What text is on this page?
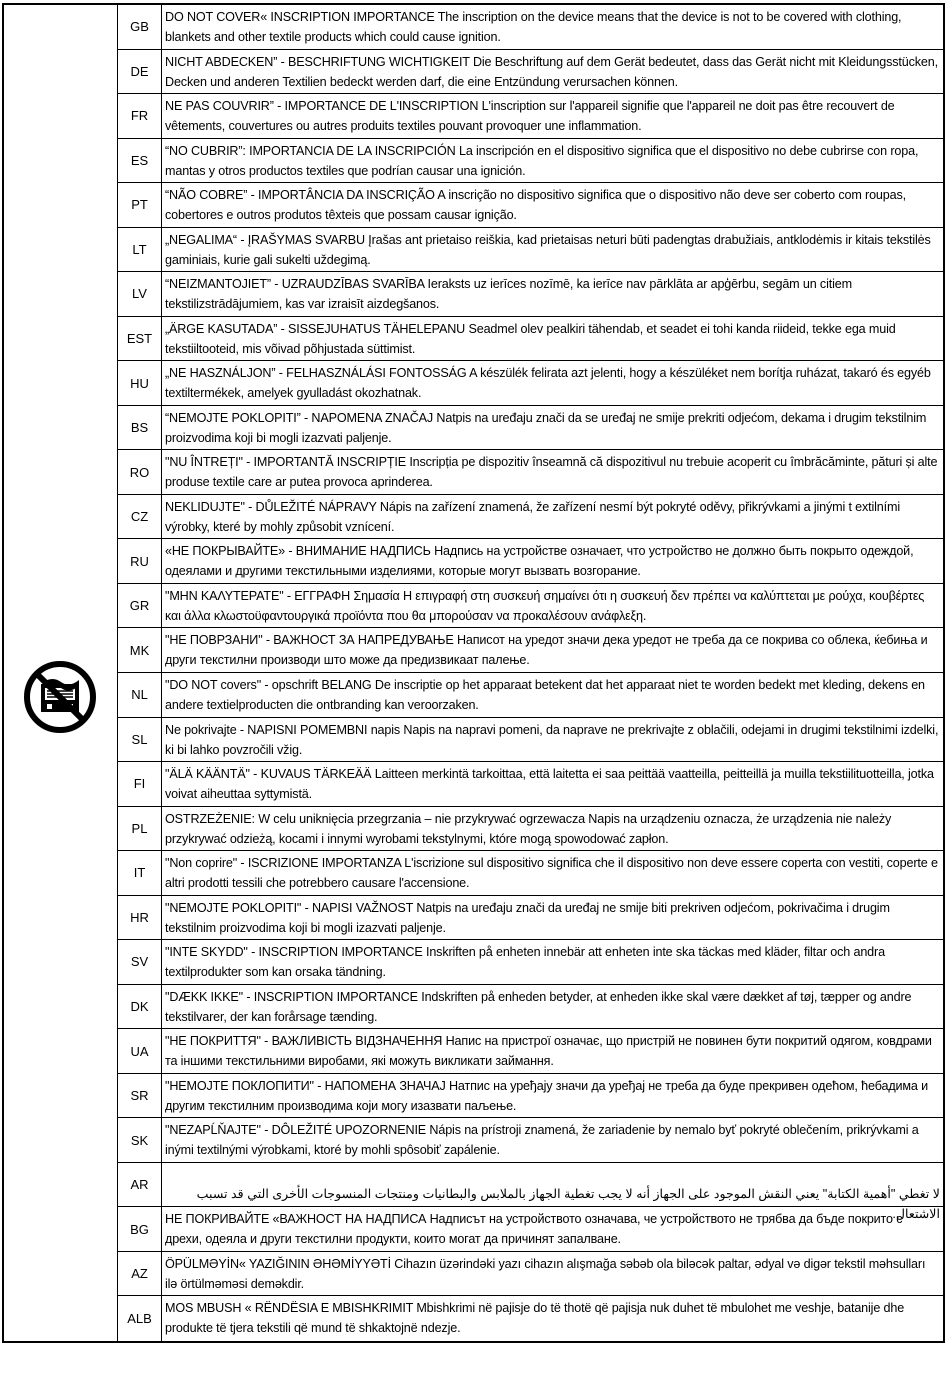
GB
DO NOT COVER« INSCRIPTION IMPORTANCE The inscription on the device means that the device is not to be covered with clothing, blankets and other textile products which could cause ignition.
DE
NICHT ABDECKEN” - BESCHRIFTUNG WICHTIGKEIT Die Beschriftung auf dem Gerät bedeutet, dass das Gerät nicht mit Kleidungsstücken, Decken und anderen Textilien bedeckt werden darf, die eine Entzündung verursachen können.
FR
NE PAS COUVRIR” - IMPORTANCE DE L'INSCRIPTION L'inscription sur l'appareil signifie que l'appareil ne doit pas être recouvert de vêtements, couvertures ou autres produits textiles pouvant provoquer une inflammation.
ES
“NO CUBRIR”: IMPORTANCIA DE LA INSCRIPCIÓN La inscripción en el dispositivo significa que el dispositivo no debe cubrirse con ropa, mantas y otros productos textiles que podrían causar una ignición.
PT
“NÃO COBRE” - IMPORTÂNCIA DA INSCRIÇÃO A inscrição no dispositivo significa que o dispositivo não deve ser coberto com roupas, cobertores e outros produtos têxteis que possam causar ignição.
LT
„NEGALIMA“ - ĮRAŠYMAS SVARBU Įrašas ant prietaiso reiškia, kad prietaisas neturi būti padengtas drabužiais, antklodėmis ir kitais tekstilės gaminiais, kurie gali sukelti uždegimą.
LV
“NEIZMANTOJIET” - UZRAUDZĪBAS SVARĪBA Ieraksts uz ierīces nozīmē, ka ierīce nav pārklāta ar apģērbu, segām un citiem tekstilizstrādājumiem, kas var izraisīt aizdegšanos.
EST
„ÄRGE KASUTADA” - SISSEJUHATUS TÄHELEPANU Seadmel olev pealkiri tähendab, et seadet ei tohi kanda riideid, tekke ega muid tekstiiltooteid, mis võivad põhjustada süttimist.
HU
„NE HASZNÁLJON” - FELHASZNÁLÁSI FONTOSSÁG A készülék felirata azt jelenti, hogy a készüléket nem borítja ruházat, takaró és egyéb textiltermékek, amelyek gyulladást okozhatnak.
BS
“NEMOJTE POKLOPITI” - NAPOMENA ZNAČAJ Natpis na uređaju znači da se uređaj ne smije prekriti odjećom, dekama i drugim tekstilnim proizvodima koji bi mogli izazvati paljenje.
RO
"NU ÎNTREȚI" - IMPORTANTĂ INSCRIPȚIE Inscripția pe dispozitiv înseamnă că dispozitivul nu trebuie acoperit cu îmbrăcăminte, pături și alte produse textile care ar putea provoca aprinderea.
CZ
NEKLIDUJTE" - DŮLEŽITÉ NÁPRAVY Nápis na zařízení znamená, že zařízení nesmí být pokryté oděvy, přikrývkami a jinými t extilními výrobky, které by mohly způsobit vznícení.
RU
«НЕ ПОКРЫВАЙТЕ» - ВНИМАНИЕ НАДПИСЬ Надпись на устройстве означает, что устройство не должно быть покрыто одеждой, одеялами и другими текстильными изделиями, которые могут вызвать возгорание.
GR
"ΜΗΝ ΚΑΛΥΤΕΡΑΤΕ" - ΕΓΓΡΑΦΗ Σημασία Η επιγραφή στη συσκευή σημαίνει ότι η συσκευή δεν πρέπει να καλύπτεται με ρούχα, κουβέρτες και άλλα κλωστοϋφαντουργικά προϊόντα που θα μπορούσαν να προκαλέσουν ανάφλεξη.
MK
"НЕ ПОВРЗАНИ" - ВАЖНОСТ ЗА НАПРЕДУВАЊЕ Написот на уредот значи дека уредот не треба да се покрива со облека, ќебиња и други текстилни производи што може да предизвикаат палење.
NL
"DO NOT covers" - opschrift BELANG De inscriptie op het apparaat betekent dat het apparaat niet te worden bedekt met kleding, dekens en andere textielproducten die ontbranding kan veroorzaken.
SL
Ne pokrivajte - NAPISNI POMEMBNI napis Napis na napravi pomeni, da naprave ne prekrivajte z oblačili, odejami in drugimi tekstilnimi izdelki, ki bi lahko povzročili vžig.
FI
"ÄLÄ KÄÄNTÄ" - KUVAUS TÄRKEÄÄ Laitteen merkintä tarkoittaa, että laitetta ei saa peittää vaatteilla, peitteillä ja muilla tekstiilituotteilla, jotka voivat aiheuttaa syttymistä.
PL
OSTRZEŻENIE: W celu uniknięcia przegrzania – nie przykrywać ogrzewacza Napis na urządzeniu oznacza, że urządzenia nie należy przykrywać odzieżą, kocami i innymi wyrobami tekstylnymi, które mogą spowodować zapłon.
IT
"Non coprire" - ISCRIZIONE IMPORTANZA L'iscrizione sul dispositivo significa che il dispositivo non deve essere coperta con vestiti, coperte e altri prodotti tessili che potrebbero causare l'accensione.
HR
"NEMOJTE POKLOPITI" - NAPISI VAŽNOST Natpis na uređaju znači da uređaj ne smije biti prekriven odjećom, pokrivačima i drugim tekstilnim proizvodima koji bi mogli izazvati paljenje.
SV
"INTE SKYDD" - INSCRIPTION IMPORTANCE Inskriften på enheten innebär att enheten inte ska täckas med kläder, filtar och andra textilprodukter som kan orsaka tändning.
DK
"DÆKK IKKE" - INSCRIPTION IMPORTANCE Indskriften på enheden betyder, at enheden ikke skal være dækket af tøj, tæpper og andre tekstilvarer, der kan forårsage tænding.
UA
"НЕ ПОКРИТТЯ" - ВАЖЛИВІСТЬ ВІДЗНАЧЕННЯ Напис на пристрої означає, що пристрій не повинен бути покритий одягом, ковдрами та іншими текстильними виробами, які можуть викликати займання.
SR
"НЕМОЈТЕ ПОКЛОПИТИ" - НАПОМЕНА ЗНАЧАЈ Натпис на уређају значи да уређај не треба да буде прекривен одећом, ћебадима и другим текстилним производима који могу изазвати паљење.
SK
"NEZAPĹŇAJTE" - DÔLEŽITÉ UPOZORNENIE Nápis na prístroji znamená, že zariadenie by nemalo byť pokryté oblečením, prikrývkami a inými textilnými výrobkami, ktoré by mohli spôsobiť zapálenie.
AR
لا تغطي "أهمية الكتابة" يعني النقش الموجود على الجهاز أنه لا يجب تغطية الجهاز بالملابس والبطانيات ومنتجات المنسوجات الأخرى التي قد تسبب الاشتعال.
BG
НЕ ПОКРИВАЙТЕ «ВАЖНОСТ НА НАДПИСА Надписът на устройството означава, че устройството не трябва да бъде покрито с дрехи, одеяла и други текстилни продукти, които могат да причинят запалване.
AZ
ÖPÜLMƏYİN« YAZIĞININ ƏHƏMİYYƏTİ Cihazın üzərindəki yazı cihazın alışmağa səbəb ola biləcək paltar, ədyal və digər tekstil məhsulları ilə örtülməməsi deməkdir.
ALB
MOS MBUSH « RËNDËSIA E MBISHKRIMIT Mbishkrimi në pajisje do të thotë që pajisja nuk duhet të mbulohet me veshje, batanije dhe produkte të tjera tekstili që mund të shkaktojnë ndezje.
